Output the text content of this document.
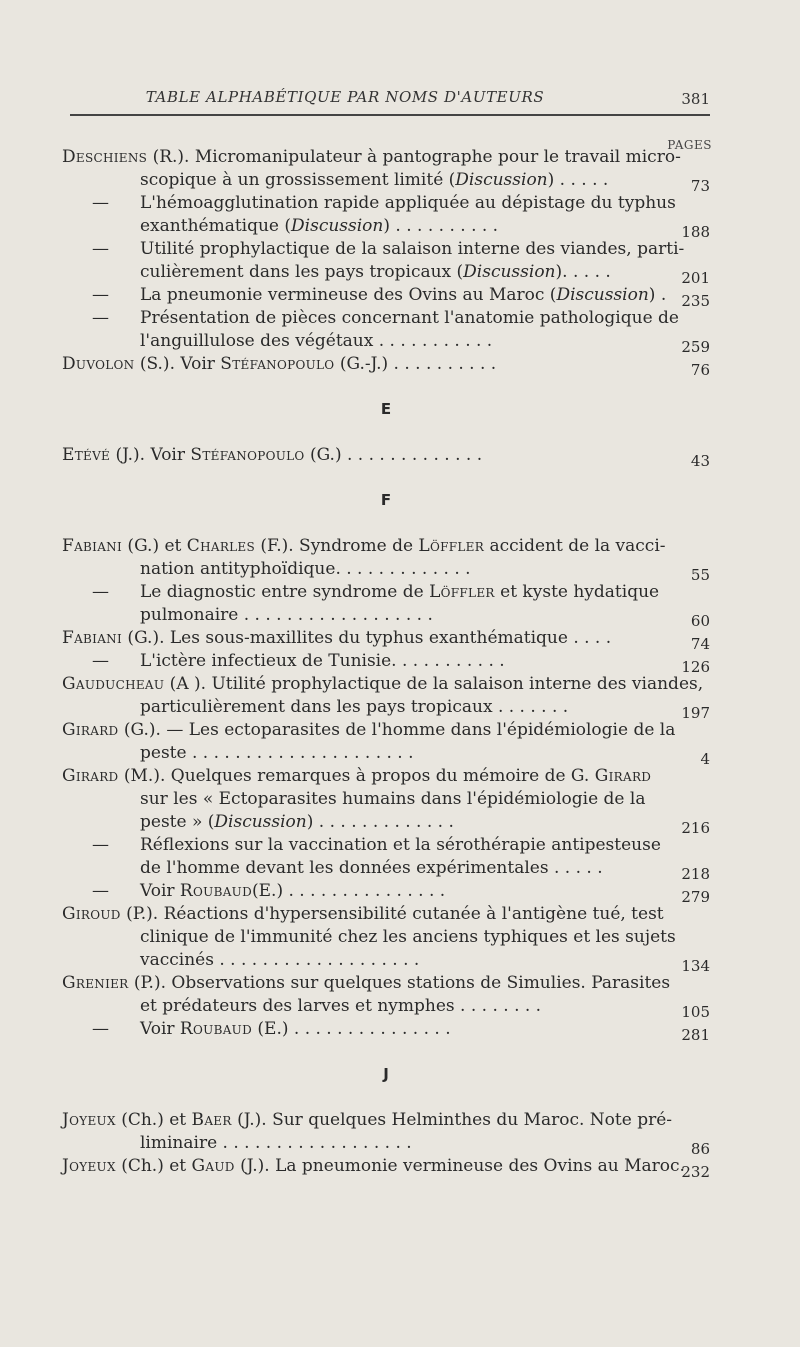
TABLE ALPHABÉTIQUE PAR NOMS D'AUTEURS	381
PAGES
Deschiens (R.). Micromanipulateur à pantographe pour le travail micro-
scopique à un grossissement limité (Discussion) . . . . .	73
— L'hémoagglutination rapide appliquée au dépistage du typhus
exanthématique (Discussion) . . . . . . . . . .	188
— Utilité prophylactique de la salaison interne des viandes, parti-
culièrement dans les pays tropicaux (Discussion). . . . .	201
— La pneumonie vermineuse des Ovins au Maroc (Discussion) . 235
— Présentation de pièces concernant l'anatomie pathologique de
l'anguillulose des végétaux . . . . . . . . . . .	259
Duvolon (S.). Voir Stéfanopoulo (G.-J.) . . . . . . . . . .	76
E
Etévé (J.). Voir Stéfanopoulo (G.) . . . . . . . . . . . . .	43
F
Fabiani (G.) et Charles (F.). Syndrome de Löffler accident de la vacci-
nation antityphoïdique. . . . . . . . . . . . .	55
— Le diagnostic entre syndrome de Löffler et kyste hydatique
pulmonaire . . . . . . . . . . . . . . . . . .	60
Fabiani (G.). Les sous-maxillites du typhus exanthématique . . . .	74
— L'ictère infectieux de Tunisie. . . . . . . . . . .	126
Gauducheau (A ). Utilité prophylactique de la salaison interne des viandes,
particulièrement dans les pays tropicaux . . . . . . .	197
Girard (G.). — Les ectoparasites de l'homme dans l'épidémiologie de la
peste . . . . . . . . . . . . . . . . . . . . .	4
Girard (M.). Quelques remarques à propos du mémoire de G. Girard
sur les « Ectoparasites humains dans l'épidémiologie de la
peste » (Discussion) . . . . . . . . . . . . .	216
— Réflexions sur la vaccination et la sérothérapie antipesteuse
de l'homme devant les données expérimentales . . . . .	218
— Voir Roubaud(E.) . . . . . . . . . . . . . . .	279
Giroud (P.). Réactions d'hypersensibilité cutanée à l'antigène tué, test
clinique de l'immunité chez les anciens typhiques et les sujets
vaccinés . . . . . . . . . . . . . . . . . . .	134
Grenier (P.). Observations sur quelques stations de Simulies. Parasites
et prédateurs des larves et nymphes . . . . . . . .	105
— Voir Roubaud (E.) . . . . . . . . . . . . . . .	281
J
Joyeux (Ch.) et Baer (J.). Sur quelques Helminthes du Maroc. Note pré-
liminaire . . . . . . . . . . . . . . . . . .	86
Joyeux (Ch.) et Gaud (J.). La pneumonie vermineuse des Ovins au Maroc.
232
